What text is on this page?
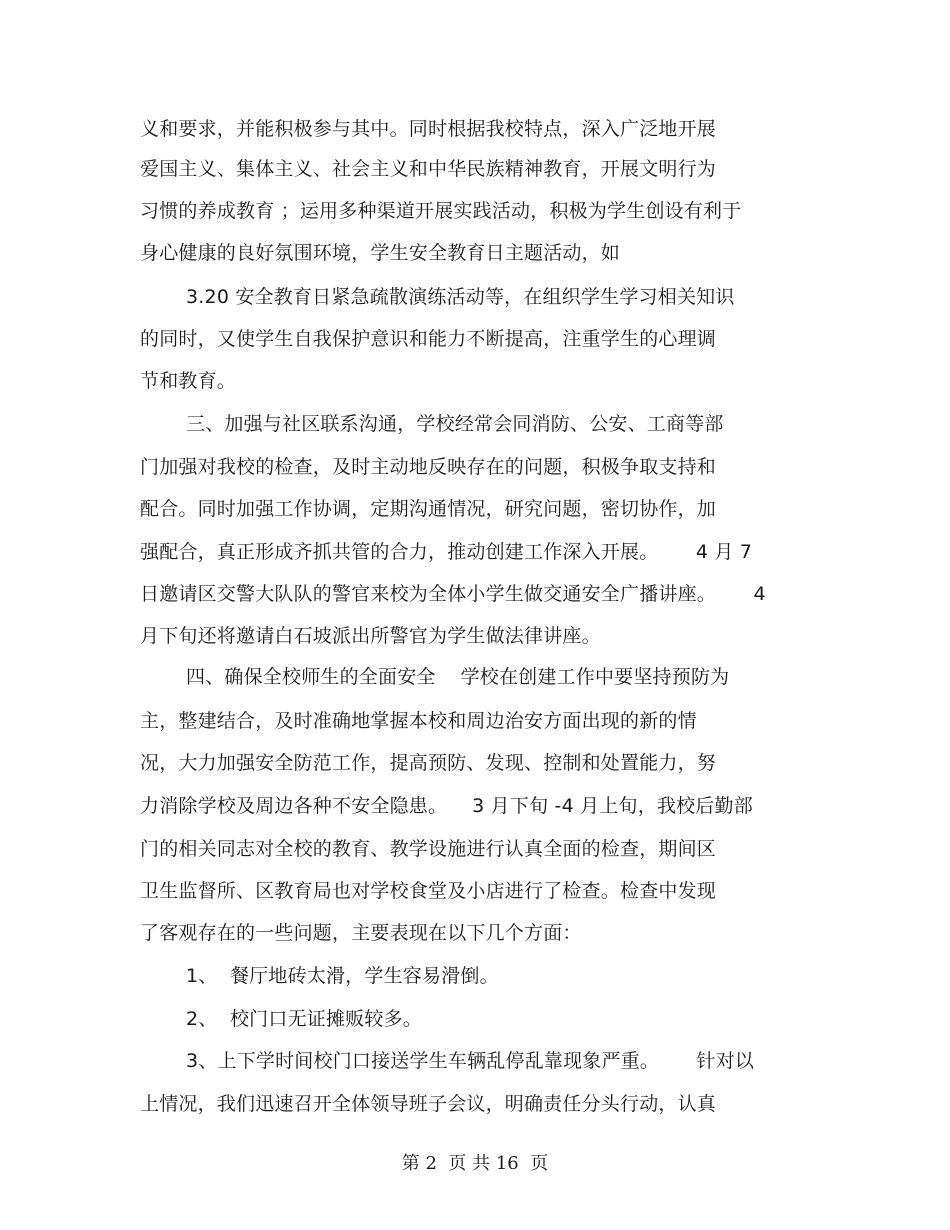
义和要求，并能积极参与其中。同时根据我校特点，深入广泛地开展
爱国主义、集体主义、社会主义和中华民族精神教育，开展文明行为
习惯的养成教育 ；运用多种渠道开展实践活动，积极为学生创设有利于
身心健康的良好氛围环境，学生安全教育日主题活动，如
3.20 安全教育日紧急疏散演练活动等，在组织学生学习相关知识
的同时，又使学生自我保护意识和能力不断提高，注重学生的心理调
节和教育。
三、加强与社区联系沟通，学校经常会同消防、公安、工商等部
门加强对我校的检查，及时主动地反映存在的问题，积极争取支持和
配合。同时加强工作协调，定期沟通情况，研究问题，密切协作，加
强配合，真正形成齐抓共管的合力，推动创建工作深入开展。      4 月 7
日邀请区交警大队队的警官来校为全体小学生做交通安全广播讲座。      4
月下旬还将邀请白石坡派出所警官为学生做法律讲座。
四、确保全校师生的全面安全    学校在创建工作中要坚持预防为
主，整建结合，及时准确地掌握本校和周边治安方面出现的新的情
况，大力加强安全防范工作，提高预防、发现、控制和处置能力，努
力消除学校及周边各种不安全隐患。    3 月下旬 -4 月上旬，我校后勤部
门的相关同志对全校的教育、教学设施进行认真全面的检查，期间区
卫生监督所、区教育局也对学校食堂及小店进行了检查。检查中发现
了客观存在的一些问题，主要表现在以下几个方面：
1、  餐厅地砖太滑，学生容易滑倒。
2、  校门口无证摊贩较多。
3、上下学时间校门口接送学生车辆乱停乱靠现象严重。      针对以
上情况，我们迅速召开全体领导班子会议，明确责任分头行动，认真
第 2  页 共 16  页
